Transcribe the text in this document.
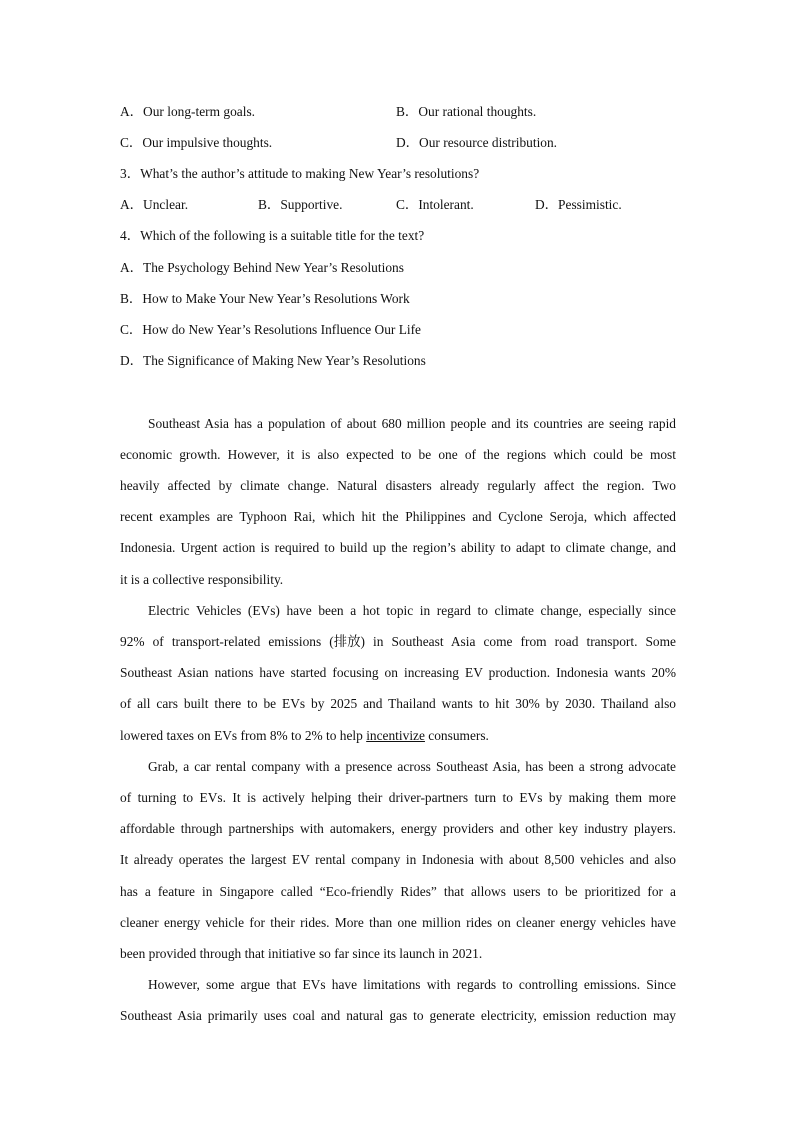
A．Our long-term goals.	B．Our rational thoughts.
C．Our impulsive thoughts.	D．Our resource distribution.
3．What’s the author’s attitude to making New Year’s resolutions?
A．Unclear.	B．Supportive.	C．Intolerant.	D．Pessimistic.
4．Which of the following is a suitable title for the text?
A．The Psychology Behind New Year’s Resolutions
B．How to Make Your New Year’s Resolutions Work
C．How do New Year’s Resolutions Influence Our Life
D．The Significance of Making New Year’s Resolutions
Southeast Asia has a population of about 680 million people and its countries are seeing rapid
economic growth. However, it is also expected to be one of the regions which could be most
heavily affected by climate change. Natural disasters already regularly affect the region. Two
recent examples are Typhoon Rai, which hit the Philippines and Cyclone Seroja, which affected
Indonesia. Urgent action is required to build up the region’s ability to adapt to climate change, and
it is a collective responsibility.
Electric Vehicles (EVs) have been a hot topic in regard to climate change, especially since
92% of transport-related emissions (排放) in Southeast Asia come from road transport. Some
Southeast Asian nations have started focusing on increasing EV production. Indonesia wants 20%
of all cars built there to be EVs by 2025 and Thailand wants to hit 30% by 2030. Thailand also
lowered taxes on EVs from 8% to 2% to help incentivize consumers.
Grab, a car rental company with a presence across Southeast Asia, has been a strong advocate
of turning to EVs. It is actively helping their driver-partners turn to EVs by making them more
affordable through partnerships with automakers, energy providers and other key industry players.
It already operates the largest EV rental company in Indonesia with about 8,500 vehicles and also
has a feature in Singapore called “Eco-friendly Rides” that allows users to be prioritized for a
cleaner energy vehicle for their rides. More than one million rides on cleaner energy vehicles have
been provided through that initiative so far since its launch in 2021.
However, some argue that EVs have limitations with regards to controlling emissions. Since
Southeast Asia primarily uses coal and natural gas to generate electricity, emission reduction may
